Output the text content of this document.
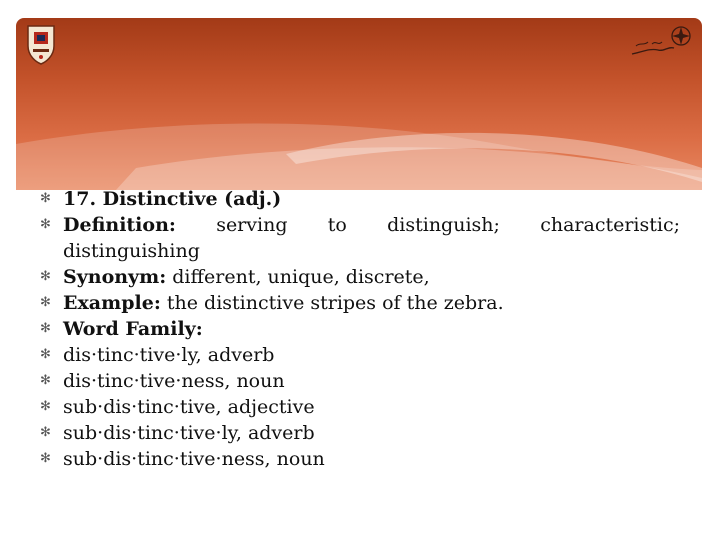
✻ 17. Distinctive (adj.)
✻ Definition: serving to distinguish; characteristic; distinguishing
✻ Synonym: different, unique, discrete,
✻ Example: the distinctive stripes of the zebra.
✻ Word Family:
✻ dis·tinc·tive·ly, adverb
✻ dis·tinc·tive·ness, noun
✻ sub·dis·tinc·tive, adjective
✻ sub·dis·tinc·tive·ly, adverb
✻ sub·dis·tinc·tive·ness, noun
